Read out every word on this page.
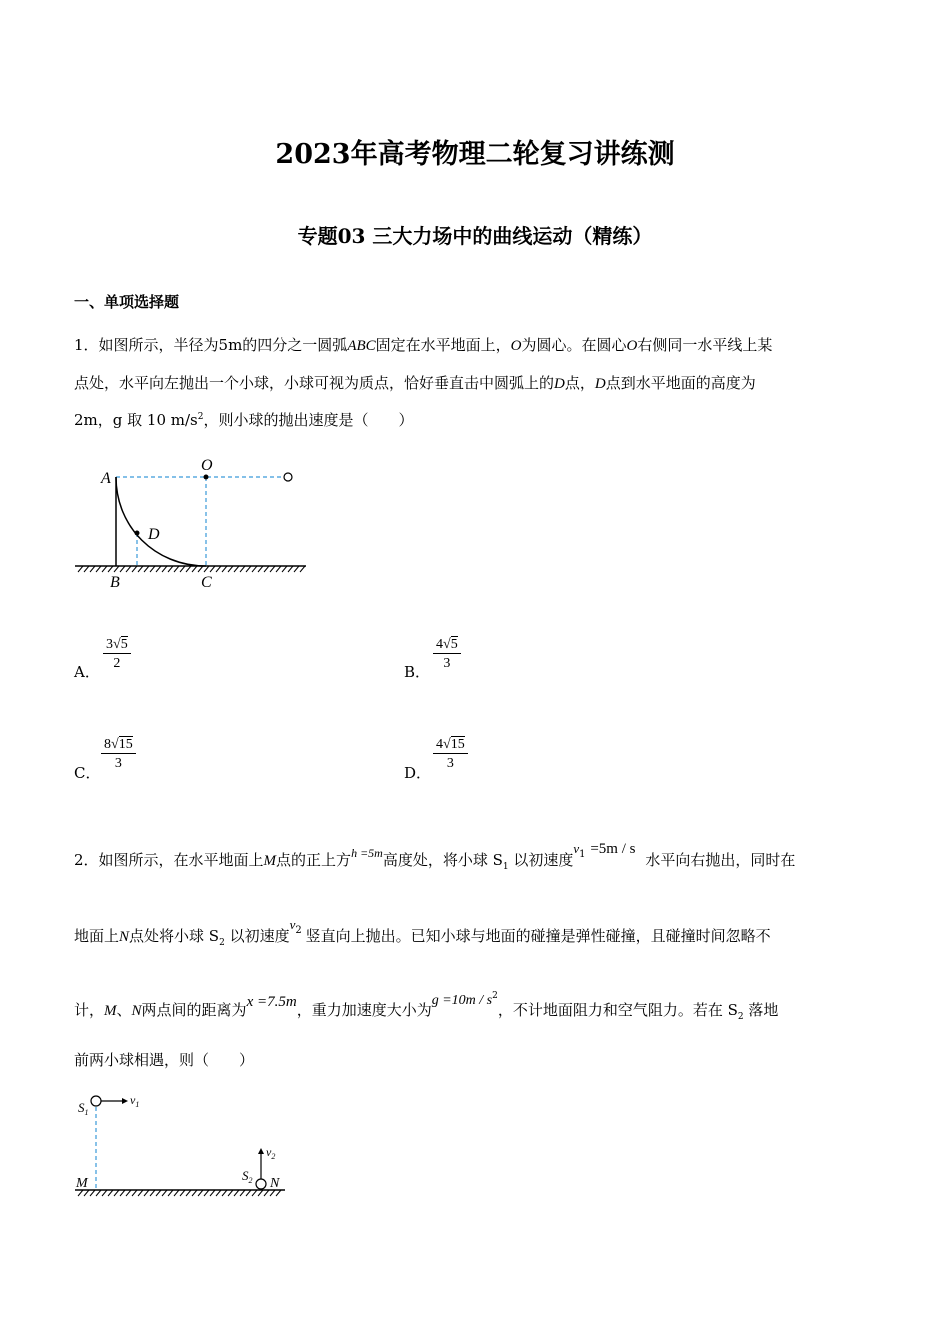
2023年高考物理二轮复习讲练测
专题03 三大力场中的曲线运动（精练）
一、单项选择题
1．如图所示，半径为5m的四分之一圆弧ABC固定在水平地面上，O为圆心。在圆心O右侧同一水平线上某
点处，水平向左抛出一个小球，小球可视为质点，恰好垂直击中圆弧上的D点，D点到水平地面的高度为
2m，g 取 10 $m/s^2$，则小球的抛出速度是（　　）
A
O
D
B	C
A． $\frac{3√5}{2}$	B． $\frac{4√5}{3}$
C．
$\frac{8√15}{3}$
D．
$\frac{4√15}{3}$
2．如图所示，在水平地面上M点的正上方$^{h =5m}$高度处，将小球 $S_1$ 以初速度$v_1 =5m / s$水平向右抛出，同时在
地面上N点处将小球 $S_2$ 以初速度$v_2$ 竖直向上抛出。已知小球与地面的碰撞是弹性碰撞，且碰撞时间忽略不
计，M、N两点间的距离为x =7.5m，重力加速度大小为$g =10m / s^2$，不计地面阻力和空气阻力。若在 $S_2$ 落地
前两小球相遇，则（　　）
$S_1$
$v_1$
M
$v_2$
$S_2$ N
